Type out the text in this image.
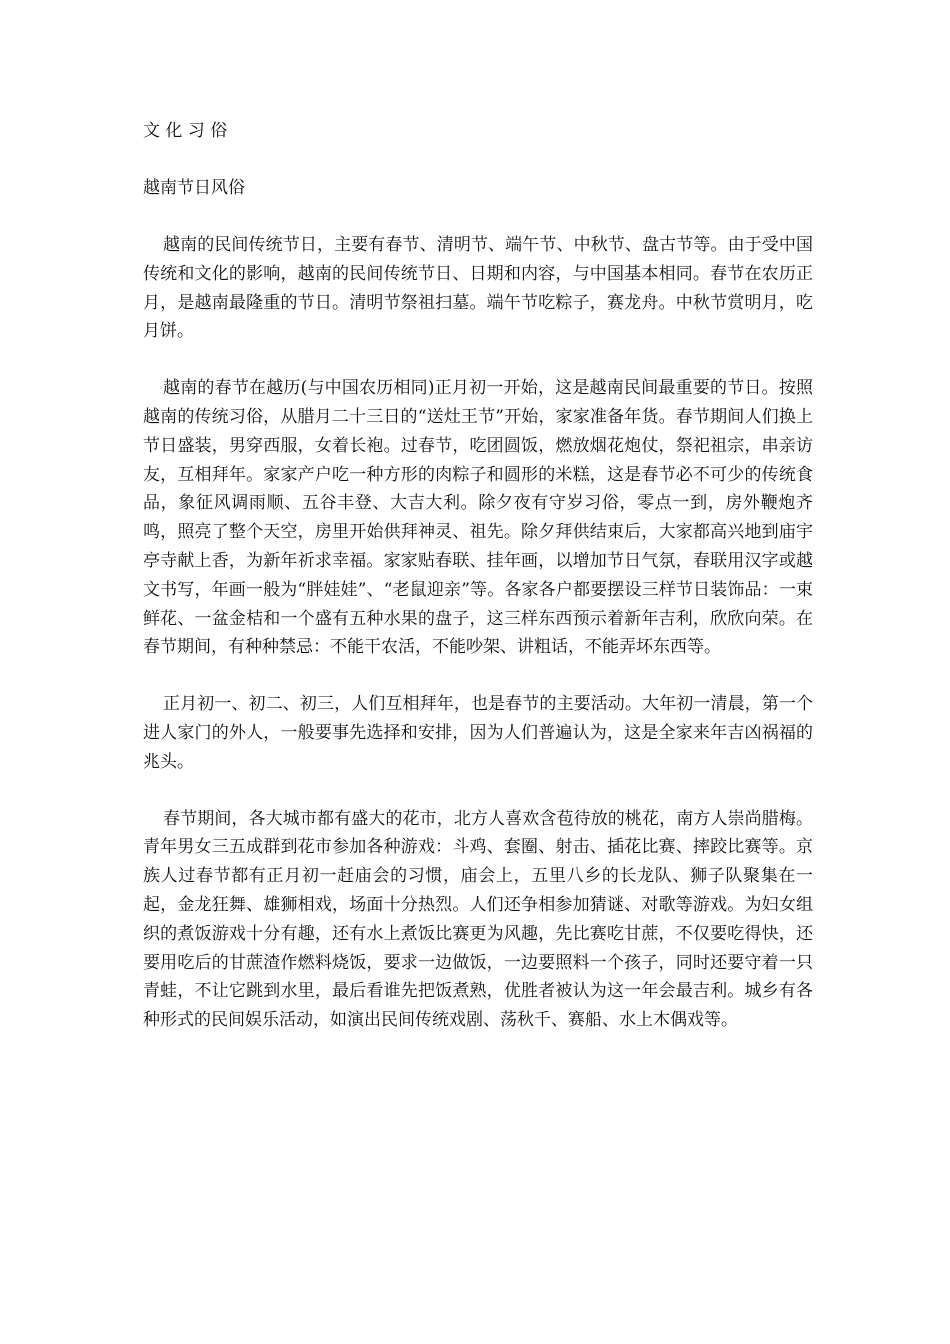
文 化 习 俗
越南节日风俗

越南的民间传统节日，主要有春节、清明节、端午节、中秋节、盘古节等。由于受中国传统和文化的影响，越南的民间传统节日、日期和内容，与中国基本相同。春节在农历正月，是越南最隆重的节日。清明节祭祖扫墓。端午节吃粽子，赛龙舟。中秋节赏明月，吃月饼。

越南的春节在越历(与中国农历相同)正月初一开始，这是越南民间最重要的节日。按照越南的传统习俗，从腊月二十三日的“送灶王节”开始，家家准备年货。春节期间人们换上节日盛装，男穿西服，女着长袍。过春节，吃团圆饭，燃放烟花炮仗，祭祀祖宗，串亲访友，互相拜年。家家产户吃一种方形的肉粽子和圆形的米糕，这是春节必不可少的传统食品，象征风调雨顺、五谷丰登、大吉大利。除夕夜有守岁习俗，零点一到，房外鞭炮齐鸣，照亮了整个天空，房里开始供拜神灵、祖先。除夕拜供结束后，大家都高兴地到庙宇亭寺献上香，为新年祈求幸福。家家贴春联、挂年画，以增加节日气氛，春联用汉字或越文书写，年画一般为“胖娃娃”、“老鼠迎亲”等。各家各户都要摆设三样节日装饰品：一束鲜花、一盆金桔和一个盛有五种水果的盘子，这三样东西预示着新年吉利，欣欣向荣。在春节期间，有种种禁忌：不能干农活，不能吵架、讲粗话，不能弄坏东西等。

正月初一、初二、初三，人们互相拜年，也是春节的主要活动。大年初一清晨，第一个进人家门的外人，一般要事先选择和安排，因为人们普遍认为，这是全家来年吉凶祸福的兆头。

春节期间，各大城市都有盛大的花市，北方人喜欢含苞待放的桃花，南方人崇尚腊梅。青年男女三五成群到花市参加各种游戏：斗鸡、套圈、射击、插花比赛、摔跤比赛等。京族人过春节都有正月初一赶庙会的习惯，庙会上，五里八乡的长龙队、狮子队聚集在一起，金龙狂舞、雄狮相戏，场面十分热烈。人们还争相参加猜谜、对歌等游戏。为妇女组织的煮饭游戏十分有趣，还有水上煮饭比赛更为风趣，先比赛吃甘蔗，不仅要吃得快，还要用吃后的甘蔗渣作燃料烧饭，要求一边做饭，一边要照料一个孩子，同时还要守着一只青蛙，不让它跳到水里，最后看谁先把饭煮熟，优胜者被认为这一年会最吉利。城乡有各种形式的民间娱乐活动，如演出民间传统戏剧、荡秋千、赛船、水上木偶戏等。
